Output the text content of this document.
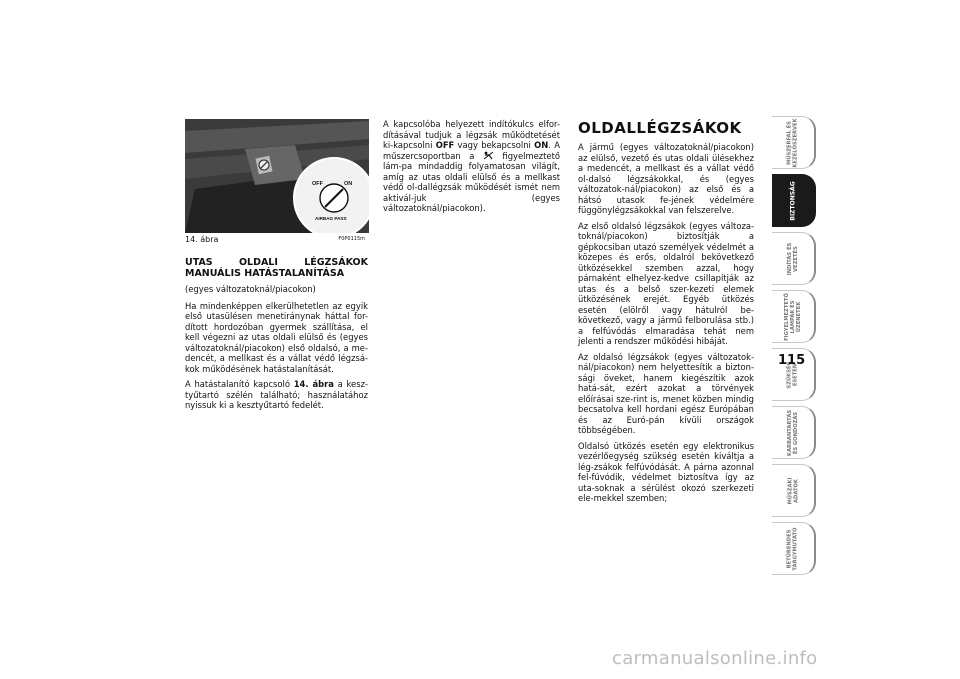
OFF	ON
AIRBAG PASS
14. ábra	F0P0115m

UTAS OLDALI LÉGZSÁKOK MANUÁLIS HATÁSTALANÍTÁSA

(egyes változatoknál/piacokon)

Ha mindenképpen elkerülhetetlen az egyik első utasülésen menetiránynak háttal for-dított hordozóban gyermek szállítása, el kell végezni az utas oldali elülső és (egyes változatoknál/piacokon) első oldalsó, a me-dencét, a mellkast és a vállat védő légzsá-kok működésének hatástalanítását.

A hatástalanító kapcsoló 14. ábra a kesz-tyűtartó szélén található; használatához nyissuk ki a kesztyűtartó fedelét.

A kapcsolóba helyezett indítókulcs elfor-dításával tudjuk a légzsák működtetését ki-kapcsolni OFF vagy bekapcsolni ON. A műszercsoportban a  figyelmeztető lám-pa mindaddig folyamatosan világít, amíg az utas oldali elülső és a mellkast védő ol-dallégzsák működését ismét nem aktivál-juk (egyes változatoknál/piacokon).

OLDALLÉGZSÁKOK

A jármű (egyes változatoknál/piacokon) az elülső, vezető és utas oldali ülésekhez a medencét, a mellkast és a vállat védő ol-dalsó légzsákokkal, és (egyes változatok-nál/piacokon) az első és a hátsó utasok fe-jének védelmére függönylégzsákokkal van felszerelve.

Az első oldalsó légzsákok (egyes változa-toknál/piacokon) biztosítják a gépkocsiban utazó személyek védelmét a közepes és erős, oldalról bekövetkező ütközésekkel szemben azzal, hogy párnaként elhelyez-kedve csillapítják az utas és a belső szer-kezeti elemek ütközésének erejét. Egyéb ütközés esetén (elölről vagy hátulról be-következő, vagy a jármű felborulása stb.) a felfúvódás elmaradása tehát nem jelenti a rendszer működési hibáját.

Az oldalsó légzsákok (egyes változatok-nál/piacokon) nem helyettesítik a bizton-sági öveket, hanem kiegészítik azok hatá-sát, ezért azokat a törvények előírásai sze-rint is, menet közben mindig becsatolva kell hordani egész Európában és az Euró-pán kívüli országok többségében.

Oldalsó ütközés esetén egy elektronikus vezérlőegység szükség esetén kiváltja a lég-zsákok felfúvódását. A párna azonnal fel-fúvódik, védelmet biztosítva így az uta-soknak a sérülést okozó szerkezeti ele-mekkel szemben;

MŰSZERFAL ÉS
KEZELŐSZERVEK
BIZTONSÁG
INDÍTÁS ÉS
VEZETÉS
FIGYELMEZTETŐ
LÁMPÁK ÉS
ÜZENETEK
SZÜKSÉG
ESETÉN
KARBANTARTÁS
ÉS GONDOZÁS
MŰSZAKI
ADATOK
BETŰRENDES
TÁRGYMUTATÓ
115
carmanualsonline.info
